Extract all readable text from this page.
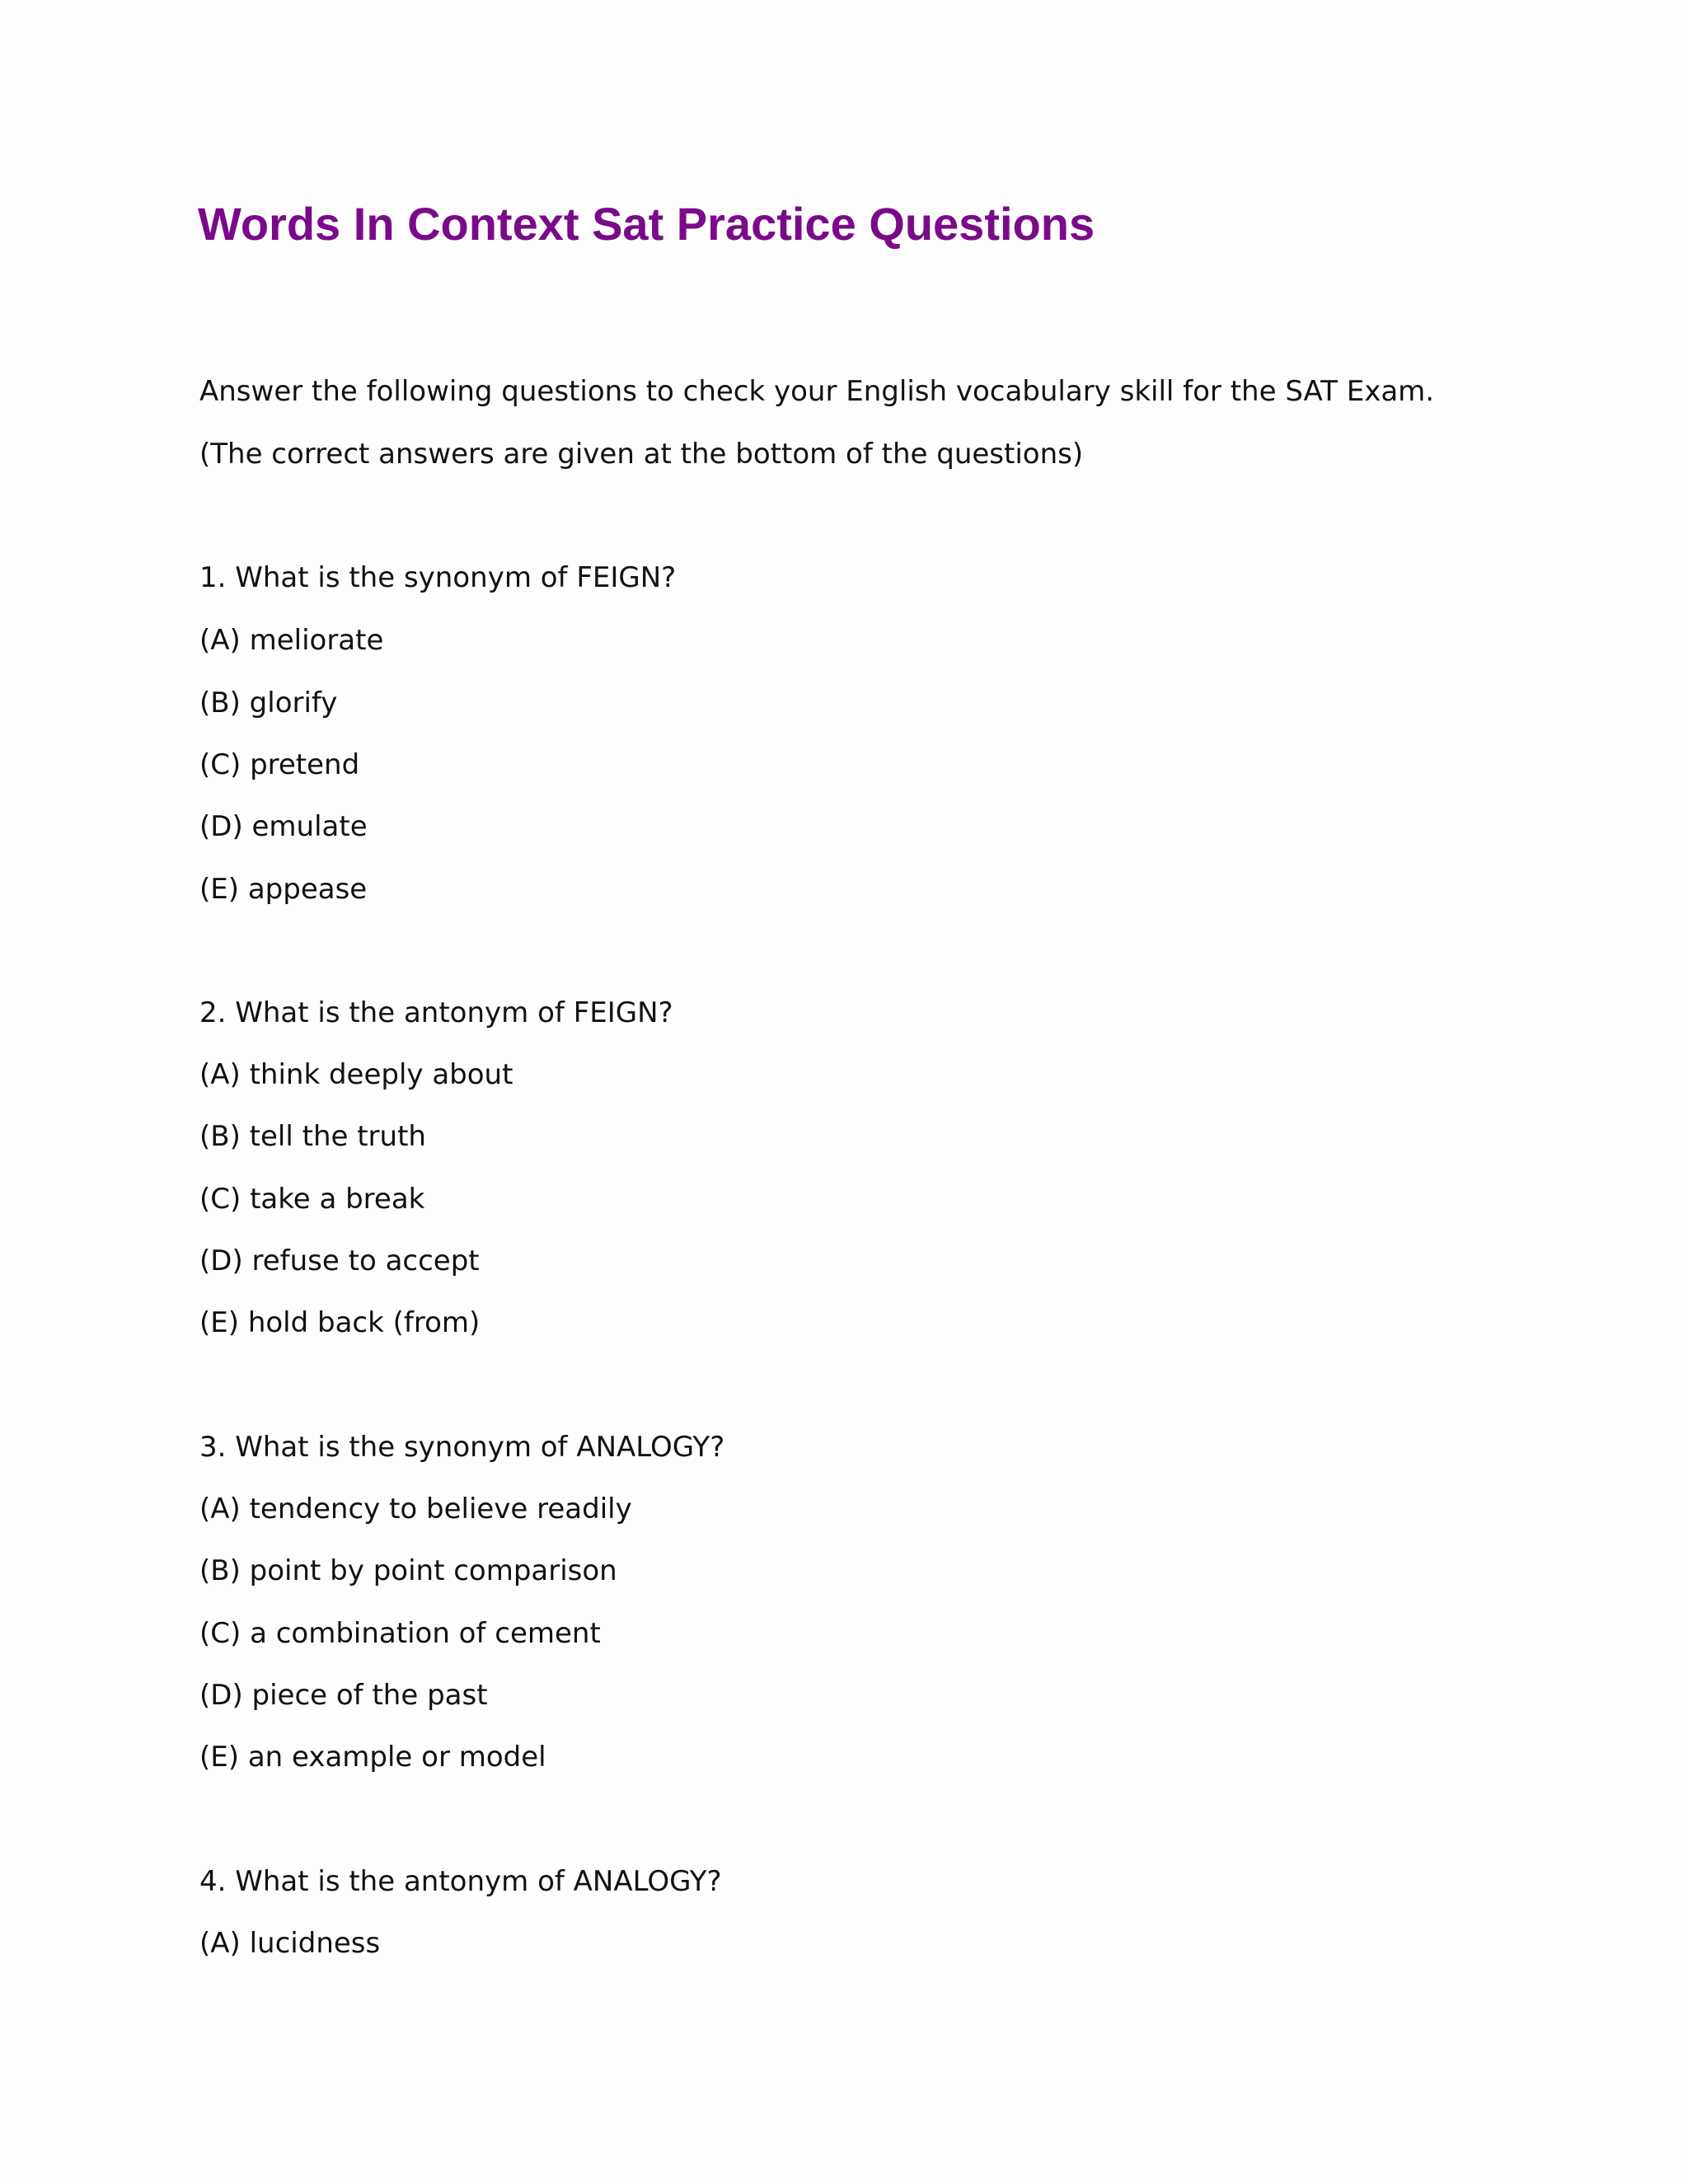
Words In Context Sat Practice Questions

Answer the following questions to check your English vocabulary skill for the SAT Exam.

(The correct answers are given at the bottom of the questions)

1. What is the synonym of FEIGN?

(A) meliorate

(B) glorify

(C) pretend

(D) emulate

(E) appease

2. What is the antonym of FEIGN?

(A) think deeply about

(B) tell the truth

(C) take a break

(D) refuse to accept

(E) hold back (from)

3. What is the synonym of ANALOGY?

(A) tendency to believe readily

(B) point by point comparison

(C) a combination of cement

(D) piece of the past

(E) an example or model

4. What is the antonym of ANALOGY?

(A) lucidness
